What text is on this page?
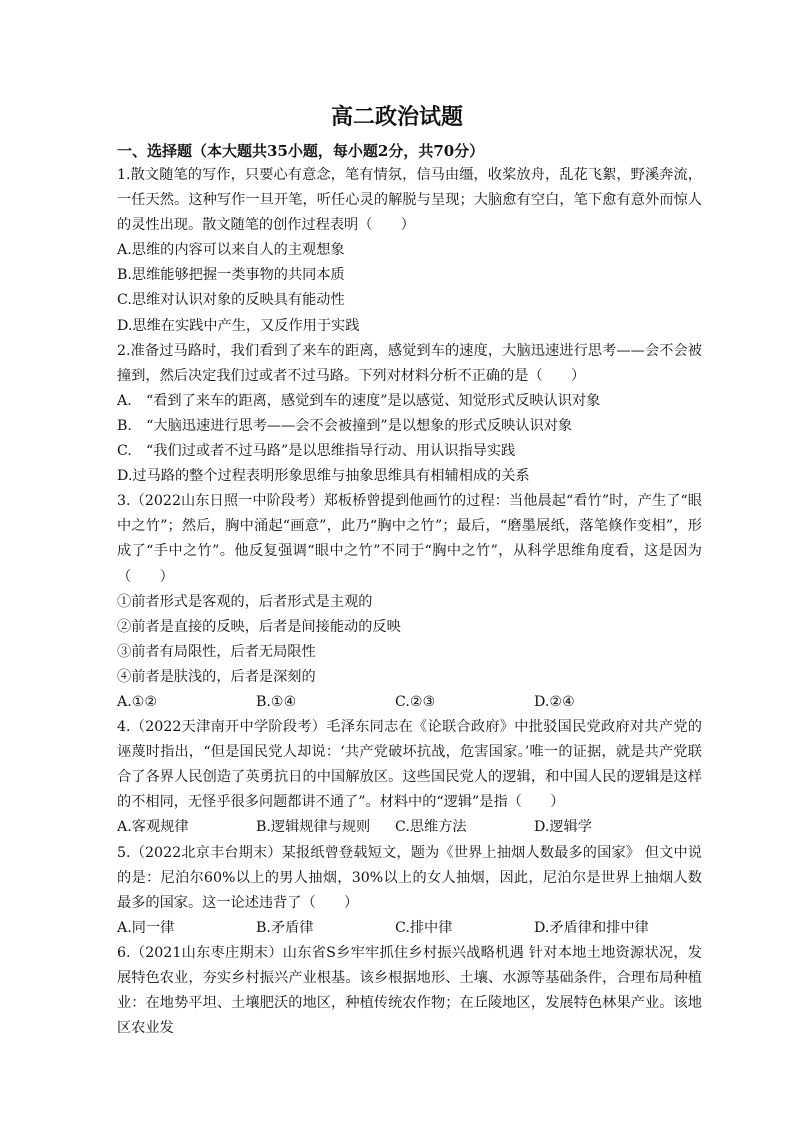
高二政治试题
一、选择题（本大题共35小题，每小题2分，共70分）

1.散文随笔的写作，只要心有意念，笔有情氛，信马由缰，收桨放舟，乱花飞絮，野溪奔流，一任天然。这种写作一旦开笔，听任心灵的解脱与呈现；大脑愈有空白，笔下愈有意外而惊人的灵性出现。散文随笔的创作过程表明（　　）

A.思维的内容可以来自人的主观想象
B.思维能够把握一类事物的共同本质
C.思维对认识对象的反映具有能动性
D.思维在实践中产生，又反作用于实践

2.准备过马路时，我们看到了来车的距离，感觉到车的速度，大脑迅速进行思考——会不会被撞到，然后决定我们过或者不过马路。下列对材料分析不正确的是（　　）

A.　“看到了来车的距离，感觉到车的速度”是以感觉、知觉形式反映认识对象
B.　“大脑迅速进行思考——会不会被撞到”是以想象的形式反映认识对象
C.　“我们过或者不过马路”是以思维指导行动、用认识指导实践
D.过马路的整个过程表明形象思维与抽象思维具有相辅相成的关系

3.（2022山东日照一中阶段考）郑板桥曾提到他画竹的过程：当他晨起“看竹”时，产生了“眼中之竹”；然后，胸中涌起“画意”，此乃“胸中之竹”；最后，“磨墨展纸，落笔倏作变相”，形成了“手中之竹”。他反复强调“眼中之竹”不同于“胸中之竹”，从科学思维角度看，这是因为（　　）

①前者形式是客观的，后者形式是主观的
②前者是直接的反映，后者是间接能动的反映
③前者有局限性，后者无局限性
④前者是肤浅的，后者是深刻的
A.①②	B.①④	C.②③	D.②④

4.（2022天津南开中学阶段考）毛泽东同志在《论联合政府》中批驳国民党政府对共产党的诬蔑时指出，“但是国民党人却说：‘共产党破坏抗战，危害国家。’唯一的证据，就是共产党联合了各界人民创造了英勇抗日的中国解放区。这些国民党人的逻辑，和中国人民的逻辑是这样的不相同，无怪乎很多问题都讲不通了”。材料中的“逻辑”是指（　　）

A.客观规律	B.逻辑规律与规则	C.思维方法	D.逻辑学

5.（2022北京丰台期末）某报纸曾登载短文，题为《世界上抽烟人数最多的国家》 但文中说的是：尼泊尔60%以上的男人抽烟，30%以上的女人抽烟，因此，尼泊尔是世界上抽烟人数最多的国家。这一论述违背了（　　）

A.同一律	B.矛盾律	C.排中律	D.矛盾律和排中律

6.（2021山东枣庄期末）山东省S乡牢牢抓住乡村振兴战略机遇 针对本地土地资源状况，发展特色农业，夯实乡村振兴产业根基。该乡根据地形、土壤、水源等基础条件，合理布局种植业：在地势平坦、土壤肥沃的地区，种植传统农作物；在丘陵地区，发展特色林果产业。该地区农业发
